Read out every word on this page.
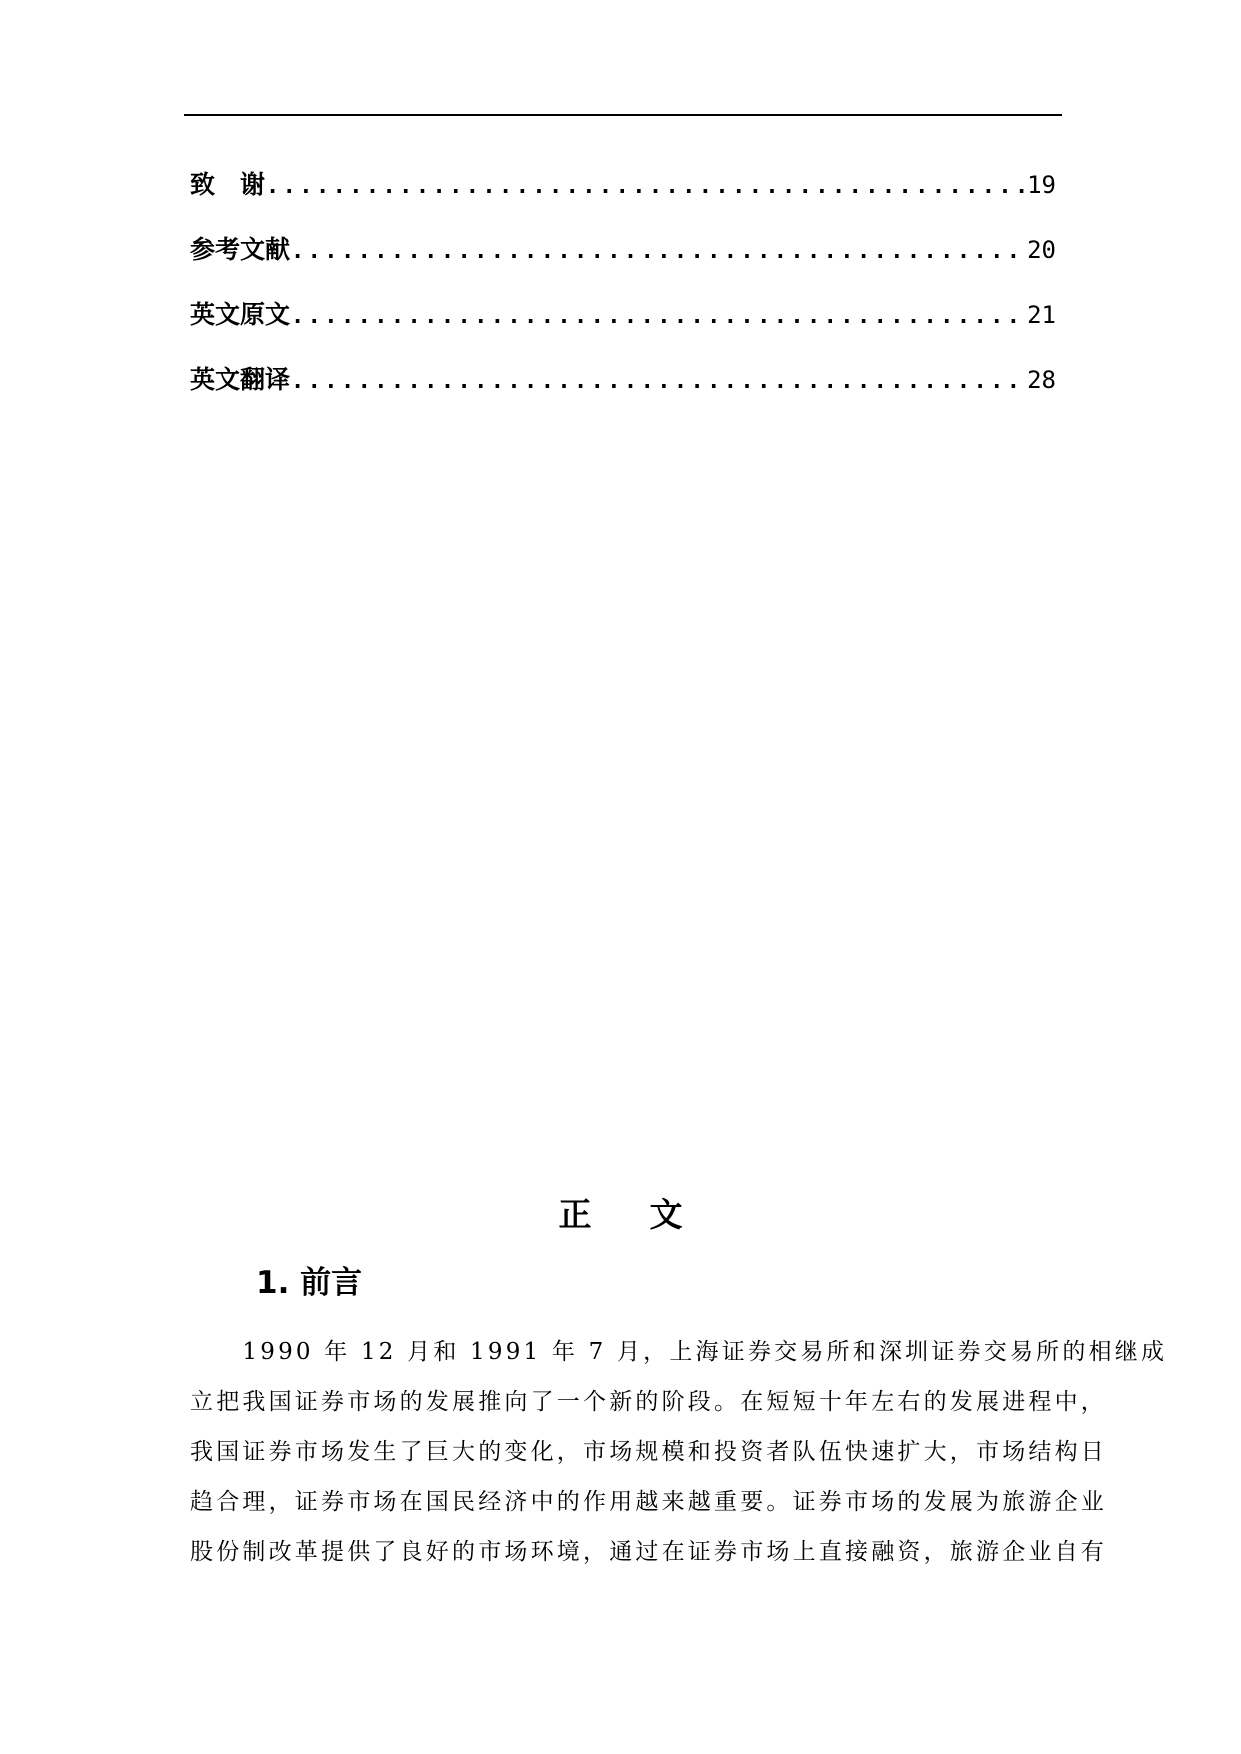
致　谢 .....	19
参考文献 .....	20
英文原文 .....	21
英文翻译 .....	28
正文
1. 前言
　　1990 年 12 月和 1991 年 7 月，上海证券交易所和深圳证券交易所的相继成
立把我国证券市场的发展推向了一个新的阶段。在短短十年左右的发展进程中，
我国证券市场发生了巨大的变化，市场规模和投资者队伍快速扩大，市场结构日
趋合理，证券市场在国民经济中的作用越来越重要。证券市场的发展为旅游企业
股份制改革提供了良好的市场环境，通过在证券市场上直接融资，旅游企业自有
